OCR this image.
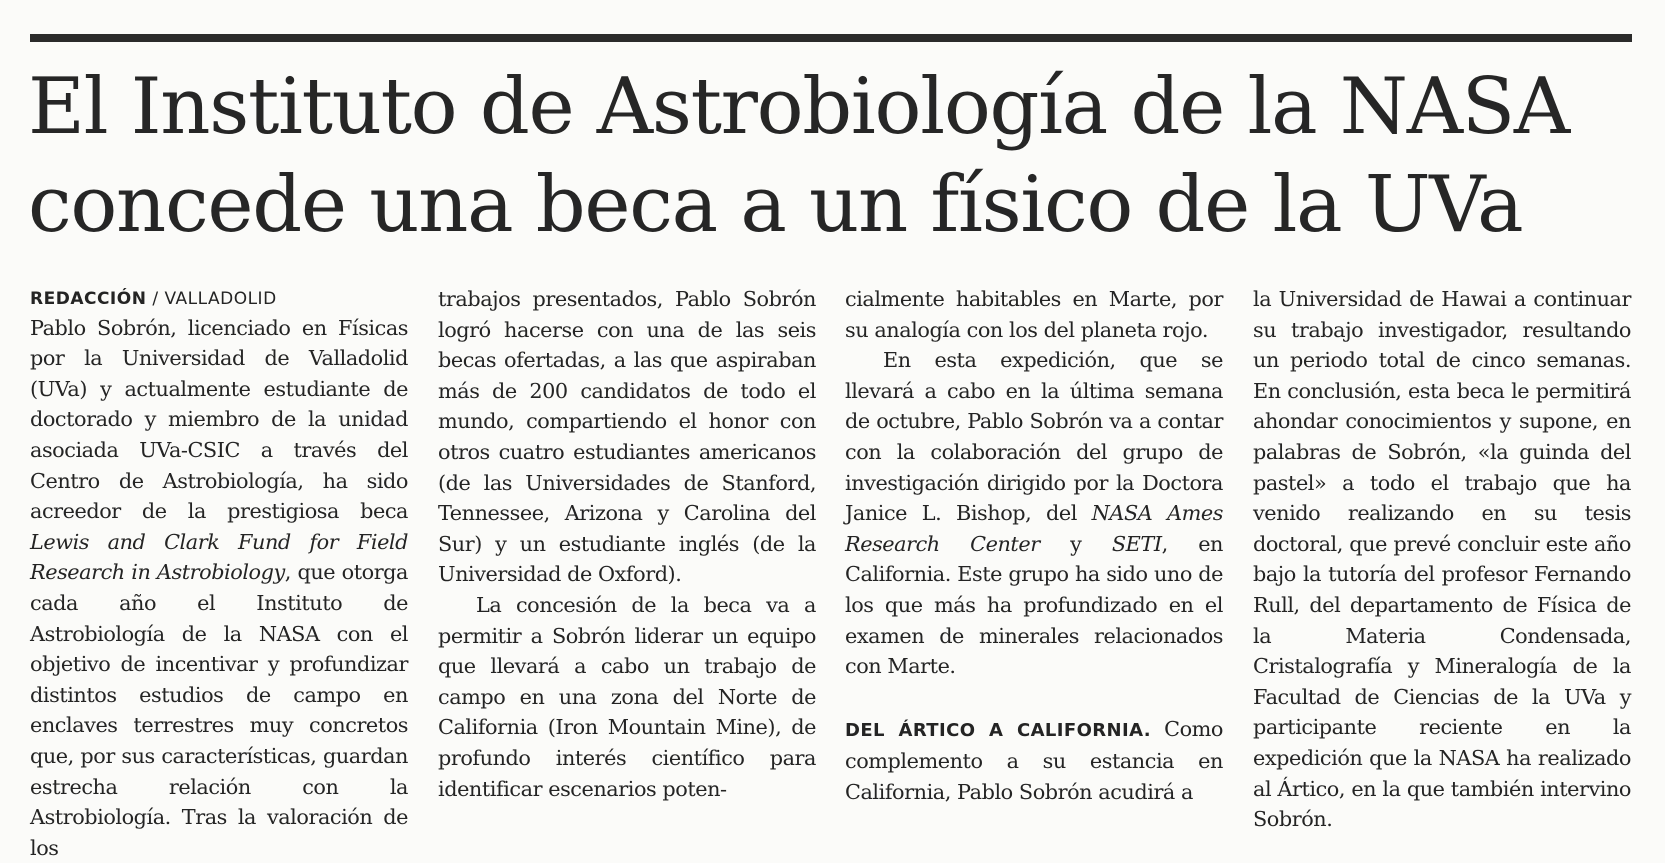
El Instituto de Astrobiología de la NASA
concede una beca a un físico de la UVa
REDACCIÓN / VALLADOLID

Pablo Sobrón, licenciado en Físicas por la Universidad de Valladolid (UVa) y actualmente estudiante de doctorado y miembro de la unidad asociada UVa-CSIC a través del Centro de Astrobiología, ha sido acreedor de la prestigiosa beca Lewis and Clark Fund for Field Research in Astrobiology, que otorga cada año el Instituto de Astrobiología de la NASA con el objetivo de incentivar y profundizar distintos estudios de campo en enclaves terrestres muy concretos que, por sus características, guardan estrecha relación con la Astrobiología. Tras la valoración de los

trabajos presentados, Pablo Sobrón logró hacerse con una de las seis becas ofertadas, a las que aspiraban más de 200 candidatos de todo el mundo, compartiendo el honor con otros cuatro estudiantes americanos (de las Universidades de Stanford, Tennessee, Arizona y Carolina del Sur) y un estudiante inglés (de la Universidad de Oxford).

La concesión de la beca va a permitir a Sobrón liderar un equipo que llevará a cabo un trabajo de campo en una zona del Norte de California (Iron Mountain Mine), de profundo interés científico para identificar escenarios poten-

cialmente habitables en Marte, por su analogía con los del planeta rojo.

En esta expedición, que se llevará a cabo en la última semana de octubre, Pablo Sobrón va a contar con la colaboración del grupo de investigación dirigido por la Doctora Janice L. Bishop, del NASA Ames Research Center y SETI, en California. Este grupo ha sido uno de los que más ha profundizado en el examen de minerales relacionados con Marte.

DEL ÁRTICO A CALIFORNIA. Como complemento a su estancia en California, Pablo Sobrón acudirá a

la Universidad de Hawai a continuar su trabajo investigador, resultando un periodo total de cinco semanas. En conclusión, esta beca le permitirá ahondar conocimientos y supone, en palabras de Sobrón, «la guinda del pastel» a todo el trabajo que ha venido realizando en su tesis doctoral, que prevé concluir este año bajo la tutoría del profesor Fernando Rull, del departamento de Física de la Materia Condensada, Cristalografía y Mineralogía de la Facultad de Ciencias de la UVa y participante reciente en la expedición que la NASA ha realizado al Ártico, en la que también intervino Sobrón.
